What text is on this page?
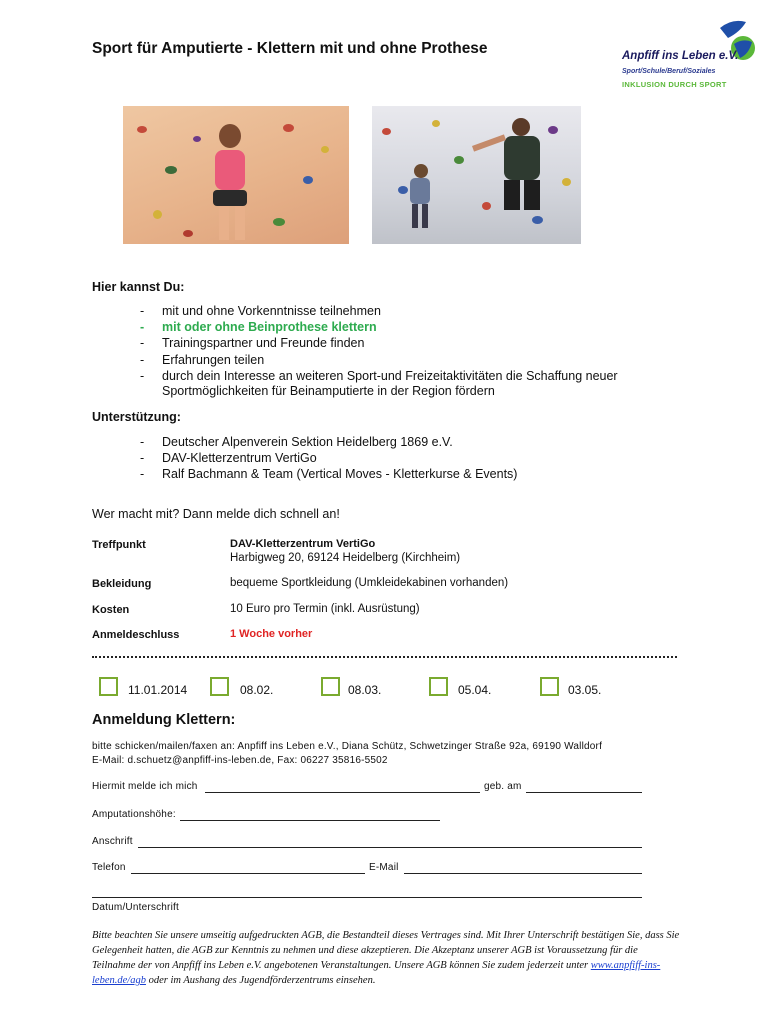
Sport für Amputierte - Klettern mit und ohne Prothese	Anpfiff ins Leben e.V.
Sport/Schule/Beruf/Soziales
INKLUSION DURCH SPORT
Hier kannst Du:
- mit und ohne Vorkenntnisse teilnehmen
- mit oder ohne Beinprothese klettern
- Trainingspartner und Freunde finden
- Erfahrungen teilen
- durch dein Interesse an weiteren Sport-und Freizeitaktivitäten die Schaffung neuer
Sportmöglichkeiten für Beinamputierte in der Region fördern
Unterstützung:
- Deutscher Alpenverein Sektion Heidelberg 1869 e.V.
- DAV-Kletterzentrum VertiGo
- Ralf Bachmann & Team (Vertical Moves - Kletterkurse & Events)
Wer macht mit? Dann melde dich schnell an!
Treffpunkt	DAV-Kletterzentrum VertiGo
Harbigweg 20, 69124 Heidelberg (Kirchheim)
Bekleidung	bequeme Sportkleidung (Umkleidekabinen vorhanden)
Kosten	10 Euro pro Termin (inkl. Ausrüstung)
Anmeldeschluss	1 Woche vorher
11.01.2014	08.02.	08.03.	05.04.	03.05.
Anmeldung Klettern:
bitte schicken/mailen/faxen an: Anpfiff ins Leben e.V., Diana Schütz, Schwetzinger Straße 92a, 69190 Walldorf
E-Mail: d.schuetz@anpfiff-ins-leben.de, Fax: 06227 35816-5502
Hiermit melde ich mich	geb. am
Amputationshöhe:
Anschrift
Telefon	E-Mail
Datum/Unterschrift
Bitte beachten Sie unsere umseitig aufgedruckten AGB, die Bestandteil dieses Vertrages sind. Mit Ihrer Unterschrift bestätigen Sie, dass Sie Gelegenheit hatten, die AGB zur Kenntnis zu nehmen und diese akzeptieren. Die Akzeptanz unserer AGB ist Voraussetzung für die Teilnahme der von Anpfiff ins Leben e.V. angebotenen Veranstaltungen. Unsere AGB können Sie zudem jederzeit unter www.anpfiff-ins-leben.de/agb oder im Aushang des Jugendförderzentrums einsehen.
